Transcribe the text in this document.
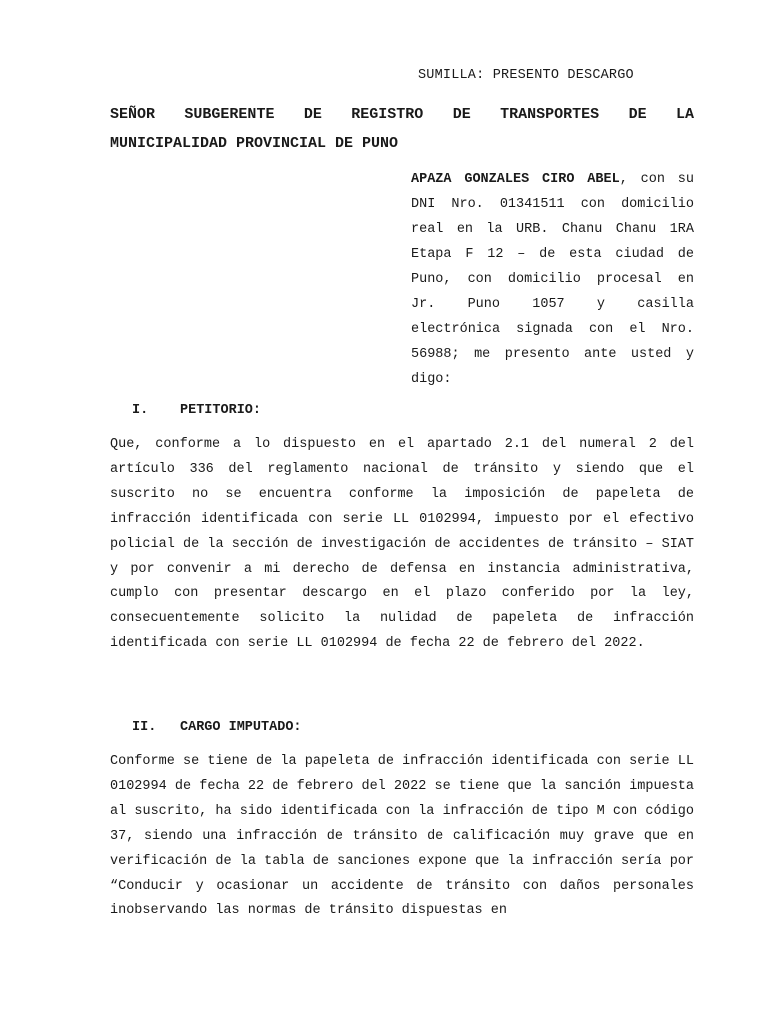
SUMILLA: PRESENTO DESCARGO
SEÑOR SUBGERENTE DE REGISTRO DE TRANSPORTES DE LA
MUNICIPALIDAD PROVINCIAL DE PUNO
APAZA GONZALES CIRO ABEL, con su DNI Nro. 01341511 con domicilio real en la URB. Chanu Chanu 1RA Etapa F 12 – de esta ciudad de Puno, con domicilio procesal en Jr. Puno 1057 y casilla electrónica signada con el Nro. 56988; me presento ante usted y digo:
I. PETITORIO:
Que, conforme a lo dispuesto en el apartado 2.1 del numeral 2 del artículo 336 del reglamento nacional de tránsito y siendo que el suscrito no se encuentra conforme la imposición de papeleta de infracción identificada con serie LL 0102994, impuesto por el efectivo policial de la sección de investigación de accidentes de tránsito – SIAT y por convenir a mi derecho de defensa en instancia administrativa, cumplo con presentar descargo en el plazo conferido por la ley, consecuentemente solicito la nulidad de papeleta de infracción identificada con serie LL 0102994 de fecha 22 de febrero del 2022.
II. CARGO IMPUTADO:
Conforme se tiene de la papeleta de infracción identificada con serie LL 0102994 de fecha 22 de febrero del 2022 se tiene que la sanción impuesta al suscrito, ha sido identificada con la infracción de tipo M con código 37, siendo una infracción de tránsito de calificación muy grave que en verificación de la tabla de sanciones expone que la infracción sería por “Conducir y ocasionar un accidente de tránsito con daños personales inobservando las normas de tránsito dispuestas en
